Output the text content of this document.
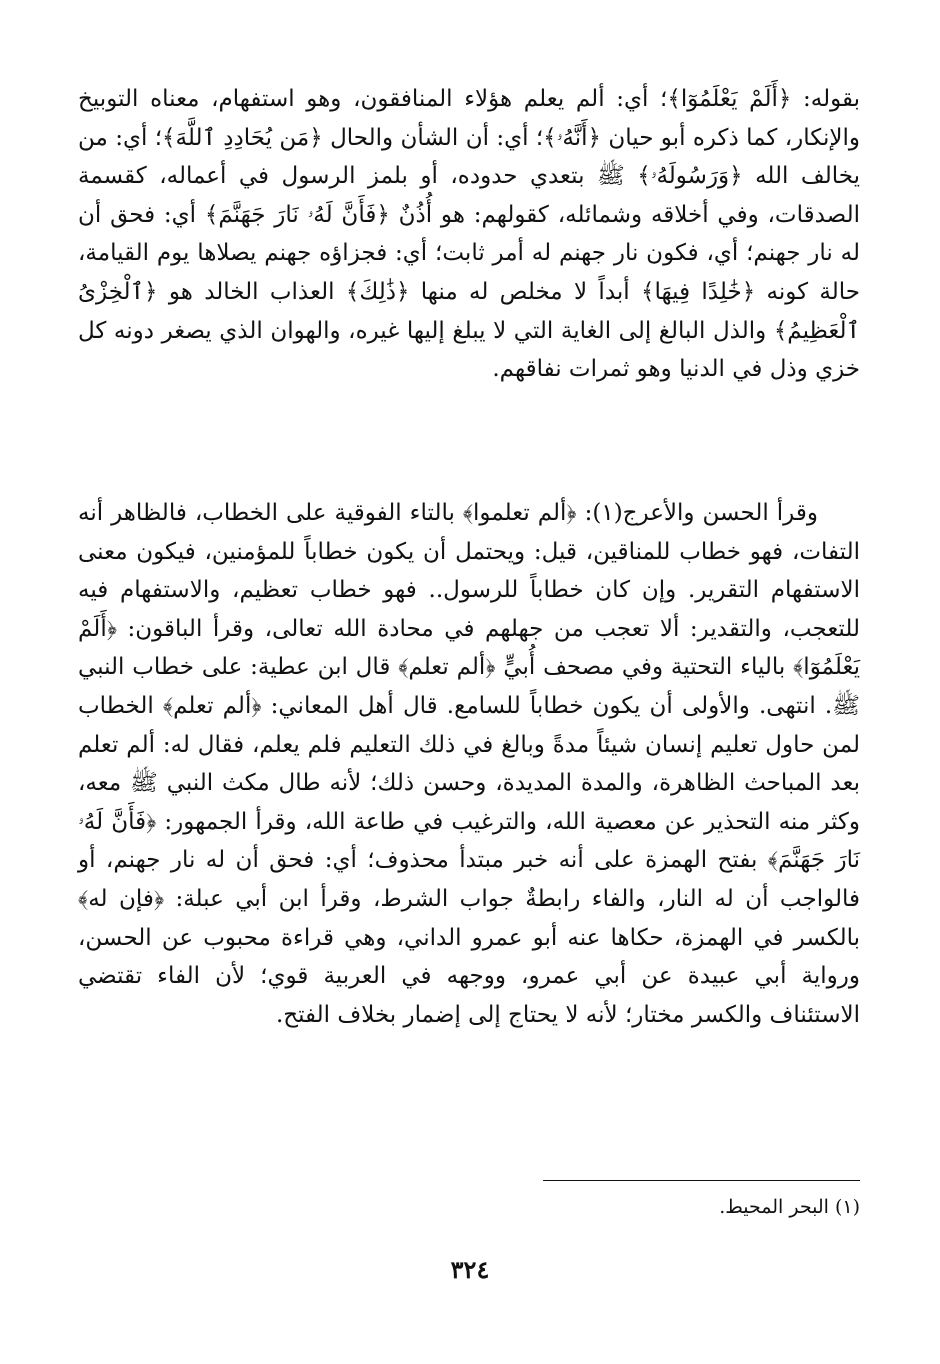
بقوله: ﴿أَلَمْ يَعْلَمُوٓا﴾؛ أي: ألم يعلم هؤلاء المنافقون، وهو استفهام، معناه التوبيخ والإنكار، كما ذكره أبو حيان ﴿أَنَّهُۥ﴾؛ أي: أن الشأن والحال ﴿مَن يُحَادِدِ ٱللَّهَ﴾؛ أي: من يخالف الله ﴿وَرَسُولَهُۥ﴾ ﷺ بتعدي حدوده، أو بلمز الرسول في أعماله، كقسمة الصدقات، وفي أخلاقه وشمائله، كقولهم: هو أُذُنٌ ﴿فَأَنَّ لَهُۥ نَارَ جَهَنَّمَ﴾ أي: فحق أن له نار جهنم؛ أي، فكون نار جهنم له أمر ثابت؛ أي: فجزاؤه جهنم يصلاها يوم القيامة، حالة كونه ﴿خَٰلِدًا فِيهَا﴾ أبداً لا مخلص له منها ﴿ذَٰلِكَ﴾ العذاب الخالد هو ﴿ٱلْخِزْىُ ٱلْعَظِيمُ﴾ والذل البالغ إلى الغاية التي لا يبلغ إليها غيره، والهوان الذي يصغر دونه كل خزي وذل في الدنيا وهو ثمرات نفاقهم.

وقرأ الحسن والأعرج(١): ﴿ألم تعلموا﴾ بالتاء الفوقية على الخطاب، فالظاهر أنه التفات، فهو خطاب للمناقين، قيل: ويحتمل أن يكون خطاباً للمؤمنين، فيكون معنى الاستفهام التقرير. وإن كان خطاباً للرسول.. فهو خطاب تعظيم، والاستفهام فيه للتعجب، والتقدير: ألا تعجب من جهلهم في محادة الله تعالى، وقرأ الباقون: ﴿أَلَمْ يَعْلَمُوٓا﴾ بالياء التحتية وفي مصحف أُبيٍّ ﴿ألم تعلم﴾ قال ابن عطية: على خطاب النبي ﷺ. انتهى. والأولى أن يكون خطاباً للسامع. قال أهل المعاني: ﴿ألم تعلم﴾ الخطاب لمن حاول تعليم إنسان شيئاً مدةً وبالغ في ذلك التعليم فلم يعلم، فقال له: ألم تعلم بعد المباحث الظاهرة، والمدة المديدة، وحسن ذلك؛ لأنه طال مكث النبي ﷺ معه، وكثر منه التحذير عن معصية الله، والترغيب في طاعة الله، وقرأ الجمهور: ﴿فَأَنَّ لَهُۥ نَارَ جَهَنَّمَ﴾ بفتح الهمزة على أنه خبر مبتدأ محذوف؛ أي: فحق أن له نار جهنم، أو فالواجب أن له النار، والفاء رابطةٌ جواب الشرط، وقرأ ابن أبي عبلة: ﴿فإن له﴾ بالكسر في الهمزة، حكاها عنه أبو عمرو الداني، وهي قراءة محبوب عن الحسن، ورواية أبي عبيدة عن أبي عمرو، ووجهه في العربية قوي؛ لأن الفاء تقتضي الاستئناف والكسر مختار؛ لأنه لا يحتاج إلى إضمار بخلاف الفتح.

(١) البحر المحيط.
٣٢٤
